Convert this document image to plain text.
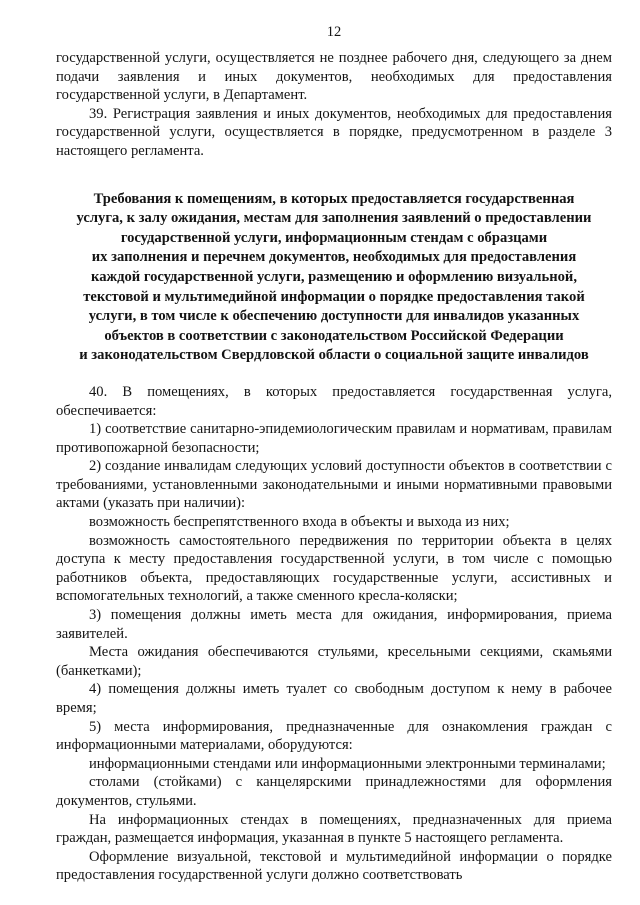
12

государственной услуги, осуществляется не позднее рабочего дня, следующего за днем подачи заявления и иных документов, необходимых для предоставления государственной услуги, в Департамент.

39. Регистрация заявления и иных документов, необходимых для предоставления государственной услуги, осуществляется в порядке, предусмотренном в разделе 3 настоящего регламента.

Требования к помещениям, в которых предоставляется государственная
услуга, к залу ожидания, местам для заполнения заявлений о предоставлении
государственной услуги, информационным стендам с образцами
их заполнения и перечнем документов, необходимых для предоставления
каждой государственной услуги, размещению и оформлению визуальной,
текстовой и мультимедийной информации о порядке предоставления такой
услуги, в том числе к обеспечению доступности для инвалидов указанных
объектов в соответствии с законодательством Российской Федерации
и законодательством Свердловской области о социальной защите инвалидов

40. В помещениях, в которых предоставляется государственная услуга, обеспечивается:

1) соответствие санитарно-эпидемиологическим правилам и нормативам, правилам противопожарной безопасности;

2) создание инвалидам следующих условий доступности объектов в соответствии с требованиями, установленными законодательными и иными нормативными правовыми актами (указать при наличии):

возможность беспрепятственного входа в объекты и выхода из них;

возможность самостоятельного передвижения по территории объекта в целях доступа к месту предоставления государственной услуги, в том числе с помощью работников объекта, предоставляющих государственные услуги, ассистивных и вспомогательных технологий, а также сменного кресла-коляски;

3) помещения должны иметь места для ожидания, информирования, приема заявителей.

Места ожидания обеспечиваются стульями, кресельными секциями, скамьями (банкетками);

4) помещения должны иметь туалет со свободным доступом к нему в рабочее время;

5) места информирования, предназначенные для ознакомления граждан с информационными материалами, оборудуются:

информационными стендами или информационными электронными терминалами;

столами (стойками) с канцелярскими принадлежностями для оформления документов, стульями.

На информационных стендах в помещениях, предназначенных для приема граждан, размещается информация, указанная в пункте 5 настоящего регламента.

Оформление визуальной, текстовой и мультимедийной информации о порядке предоставления государственной услуги должно соответствовать
